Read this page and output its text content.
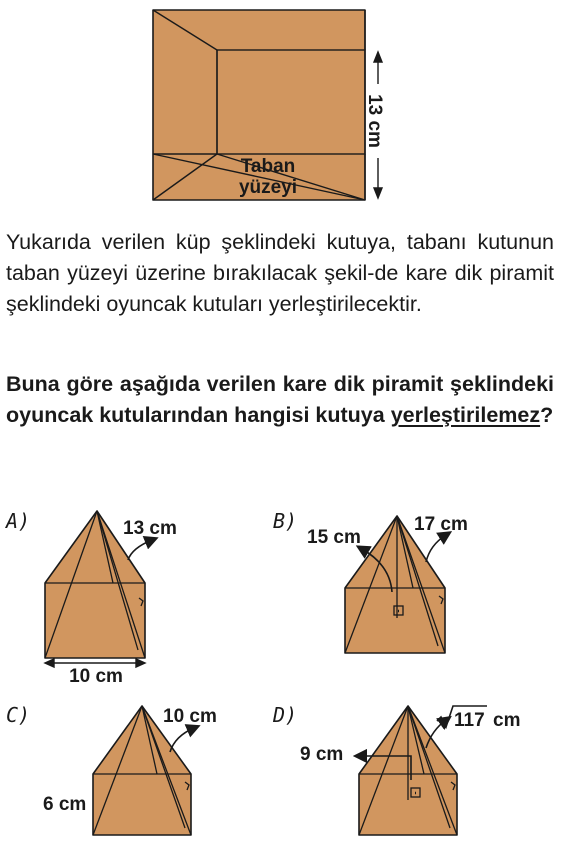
13 cm
Taban
yüzeyi
Yukarıda verilen küp şeklindeki kutuya, tabanı kutunun taban yüzeyi üzerine bırakılacak şekil-de kare dik piramit şeklindeki oyuncak kutuları yerleştirilecektir.
Buna göre aşağıda verilen kare dik piramit şeklindeki oyuncak kutularından hangisi kutuya yerleştirilemez?
A)	13 cm
10 cm
B)
15 cm
17 cm
C)	10 cm
6 cm
D)
9 cm
117 cm
